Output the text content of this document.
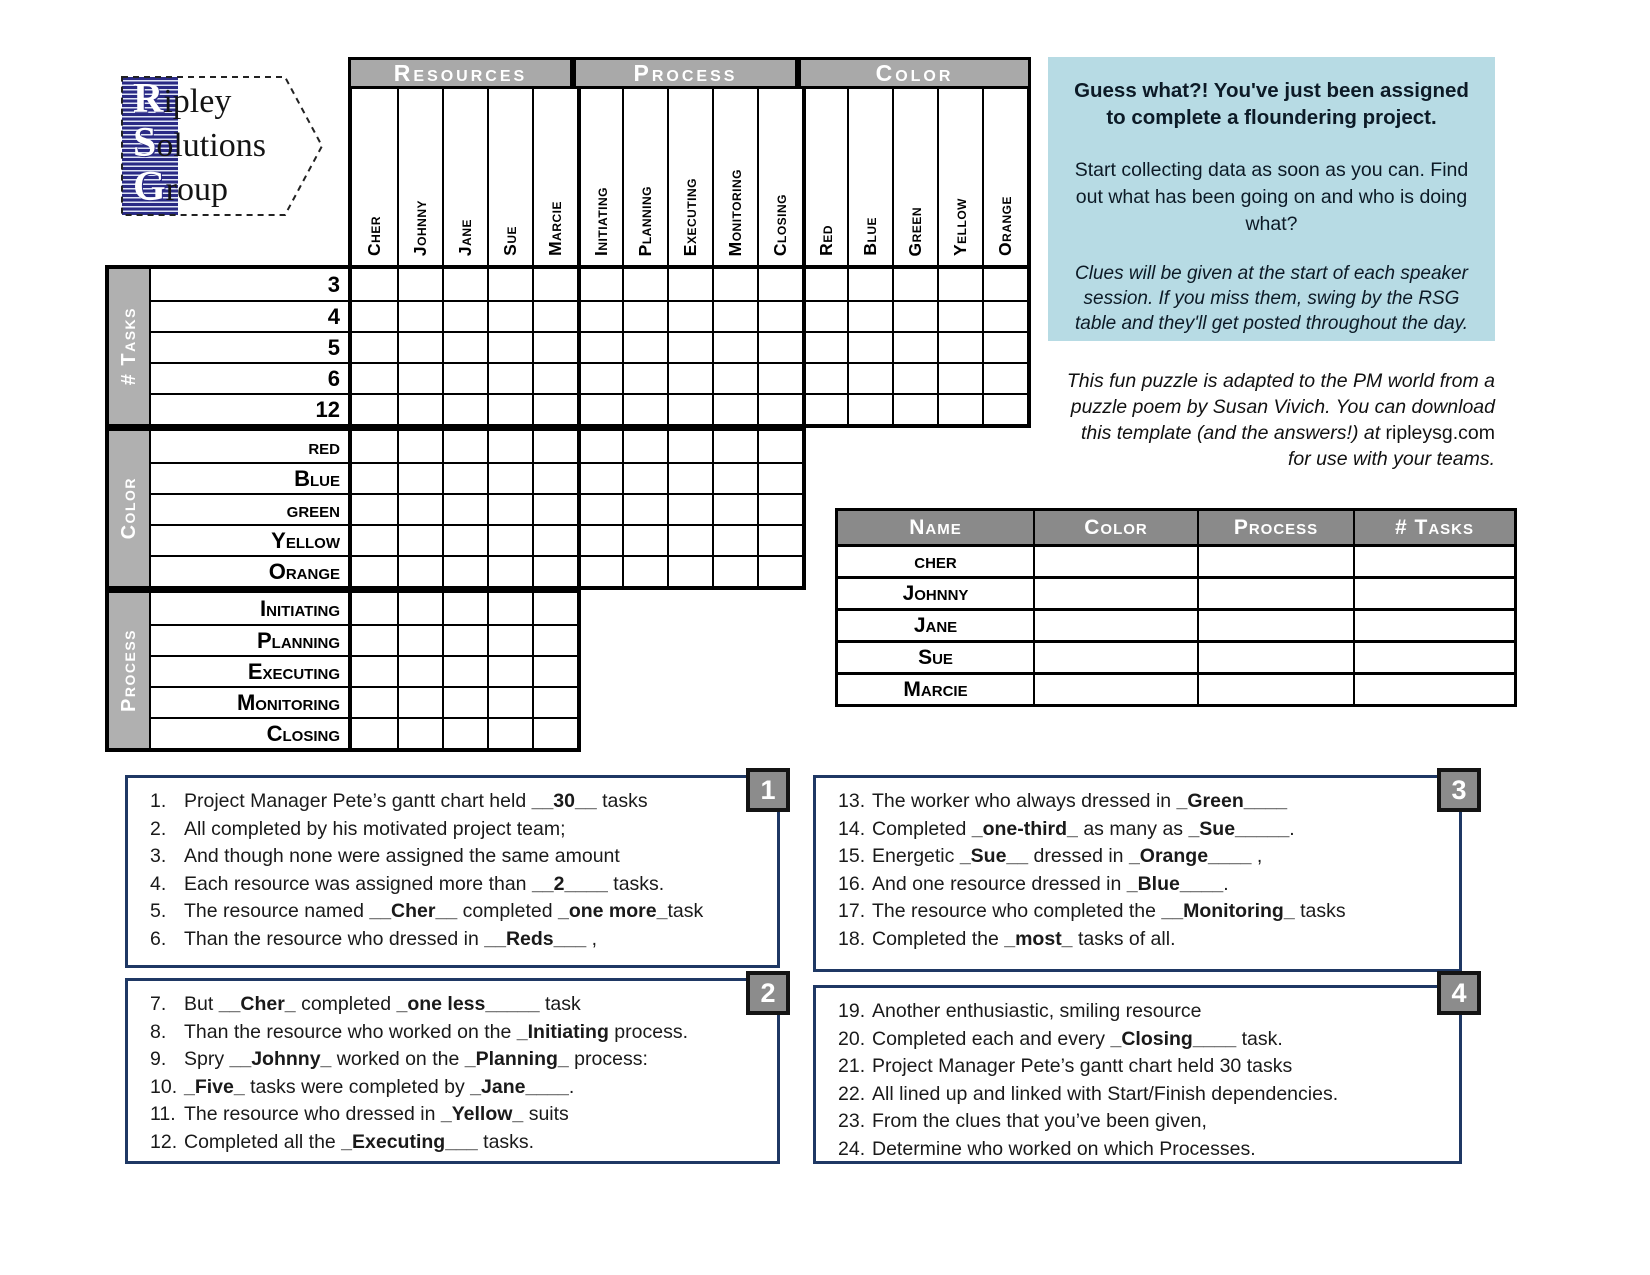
Ripley
Solutions
Group
Resources	Process	Color
Cher Johnny Jane Sue Marcie Initiating Planning Executing Monitoring Closing Red Blue Green Yellow Orange
# Tasks
3
4
5
6
12
Color
red
Blue
green
Yellow
Orange
Process
Initiating
Planning
Executing
Monitoring
Closing
Guess what?! You've just been assigned to complete a floundering project.
Start collecting data as soon as you can. Find out what has been going on and who is doing what?
Clues will be given at the start of each speaker session. If you miss them, swing by the RSG table and they'll get posted throughout the day.
This fun puzzle is adapted to the PM world from a
puzzle poem by Susan Vivich. You can download
this template (and the answers!) at ripleysg.com
for use with your teams.
Name	Color	Process	# Tasks
cher
Johnny
Jane
Sue
Marcie
1. Project Manager Pete’s gantt chart held __30__ tasks
2. All completed by his motivated project team;
3. And though none were assigned the same amount
4. Each resource was assigned more than __2____ tasks.
5. The resource named __Cher__ completed _one more_task
6. Than the resource who dressed in __Reds___ ,
7. But __Cher_ completed _one less_____ task
8. Than the resource who worked on the _Initiating process.
9. Spry __Johnny_ worked on the _Planning_ process:
10. _Five_ tasks were completed by _Jane____.
11. The resource who dressed in _Yellow_ suits
12. Completed all the _Executing___ tasks.
13. The worker who always dressed in _Green____
14. Completed _one-third_ as many as _Sue_____.
15. Energetic _Sue__ dressed in _Orange____ ,
16. And one resource dressed in _Blue____.
17. The resource who completed the __Monitoring_ tasks
18. Completed the _most_ tasks of all.
19. Another enthusiastic, smiling resource
20. Completed each and every _Closing____ task.
21. Project Manager Pete’s gantt chart held 30 tasks
22. All lined up and linked with Start/Finish dependencies.
23. From the clues that you’ve been given,
24. Determine who worked on which Processes.
1
2
3
4
